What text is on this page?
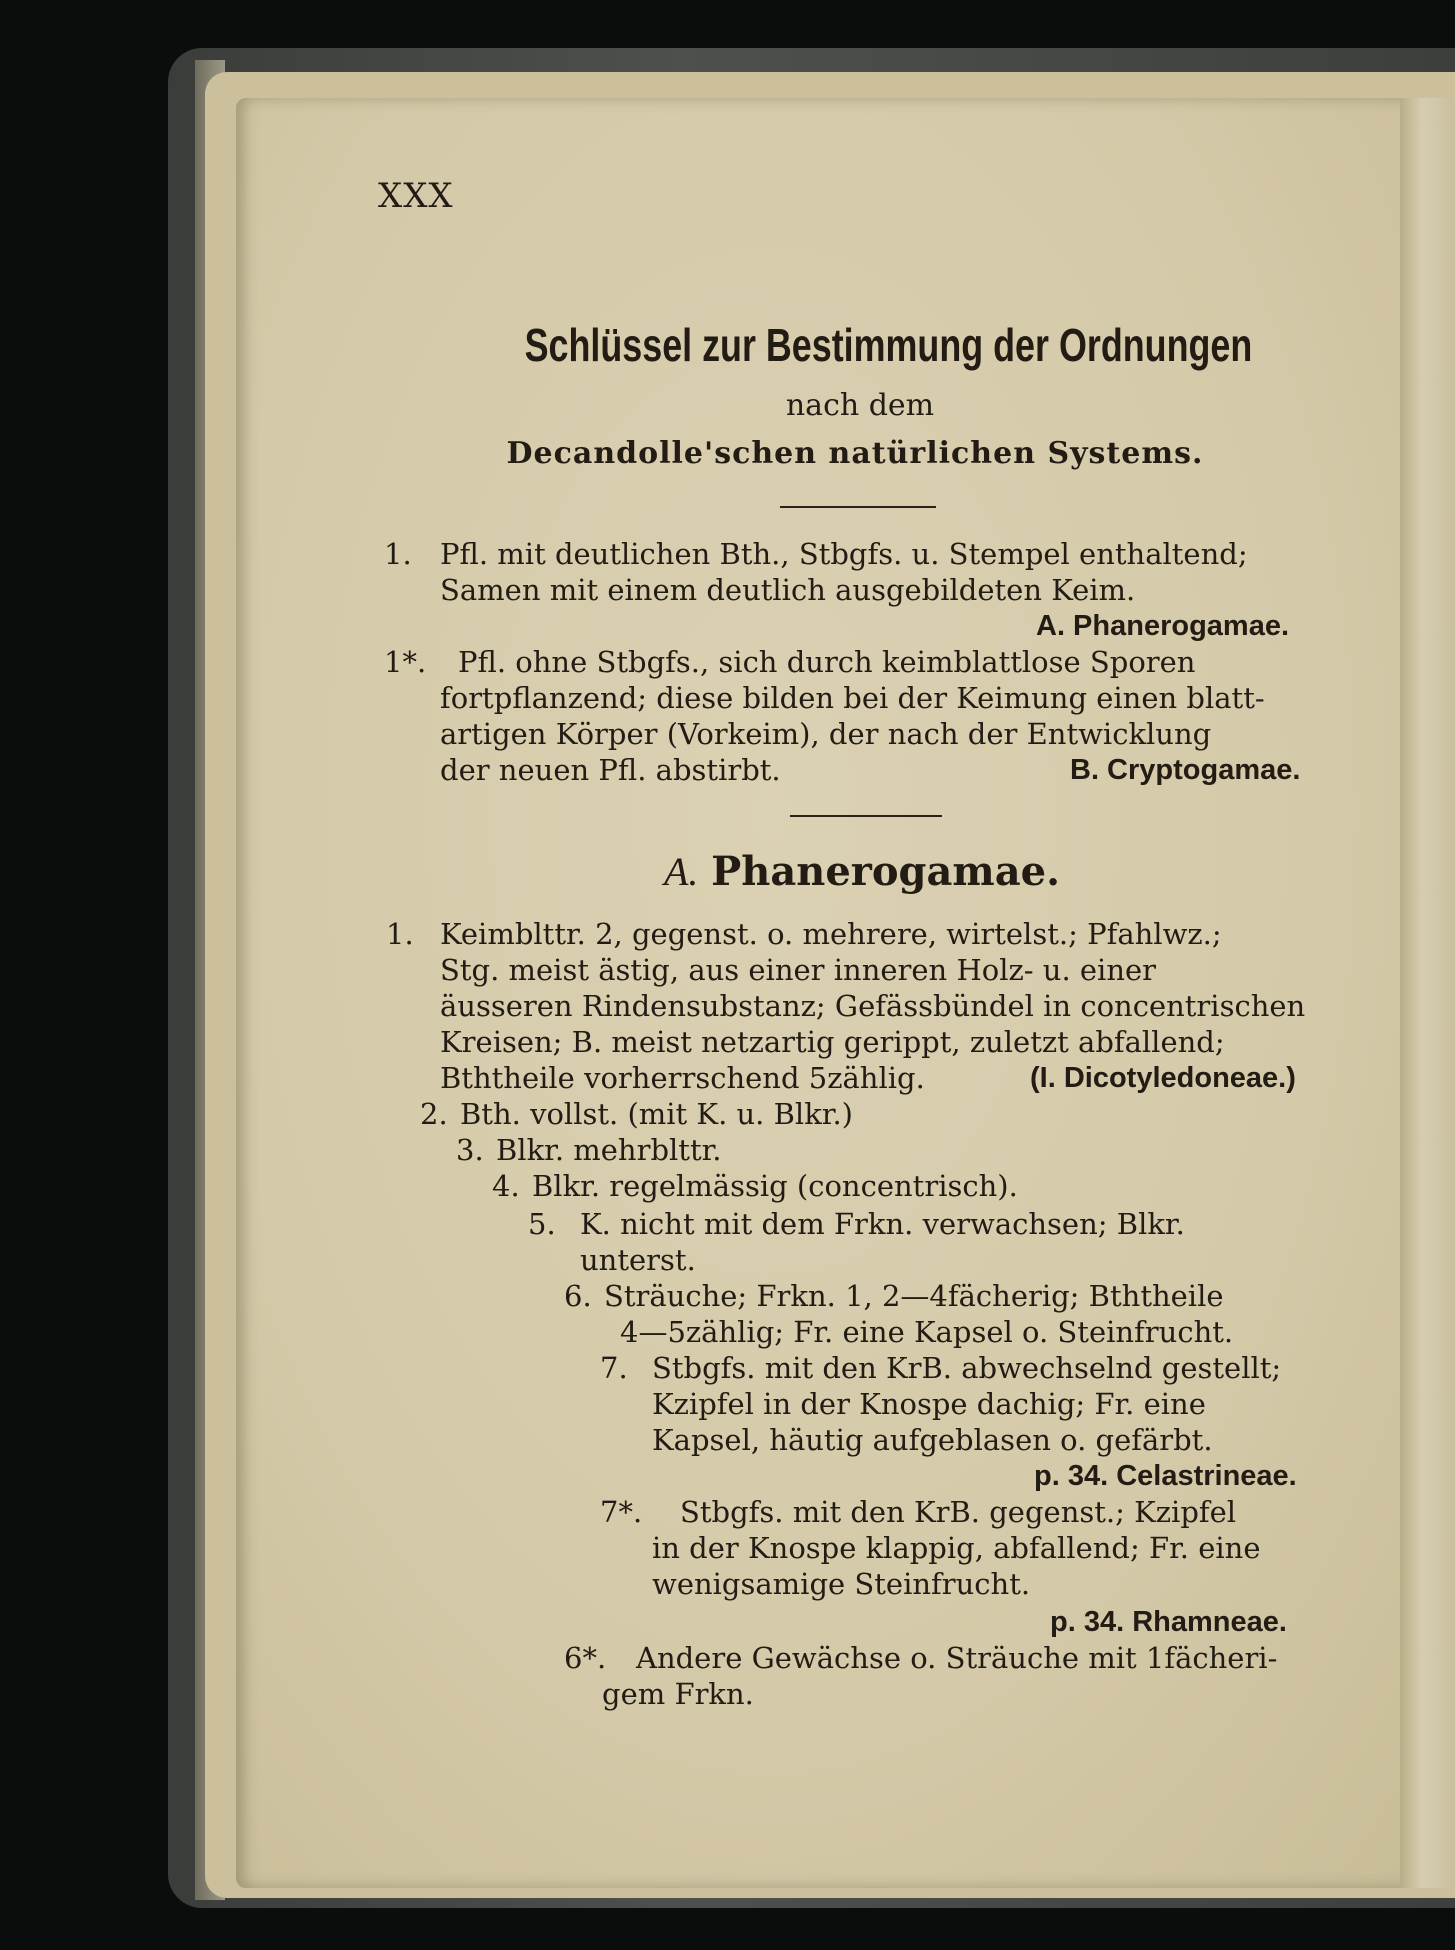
XXX
Schlüssel zur Bestimmung der Ordnungen
nach dem
Decandolle'schen natürlichen Systems.
1. Pfl. mit deutlichen Bth., Stbgfs. u. Stempel enthaltend;
Samen mit einem deutlich ausgebildeten Keim.
A. Phanerogamae.
1*. Pfl. ohne Stbgfs., sich durch keimblattlose Sporen
fortpflanzend; diese bilden bei der Keimung einen blatt-
artigen Körper (Vorkeim), der nach der Entwicklung
der neuen Pfl. abstirbt.	B. Cryptogamae.
A. Phanerogamae.
1. Keimblttr. 2, gegenst. o. mehrere, wirtelst.; Pfahlwz.;
Stg. meist ästig, aus einer inneren Holz- u. einer
äusseren Rindensubstanz; Gefässbündel in concentrischen
Kreisen; B. meist netzartig gerippt, zuletzt abfallend;
Bththeile vorherrschend 5zählig.	(I. Dicotyledoneae.)
2. Bth. vollst. (mit K. u. Blkr.)
3. Blkr. mehrblttr.
4. Blkr. regelmässig (concentrisch).
5. K. nicht mit dem Frkn. verwachsen; Blkr.
unterst.
6. Sträuche; Frkn. 1, 2—4fächerig; Bththeile
4—5zählig; Fr. eine Kapsel o. Steinfrucht.
7. Stbgfs. mit den KrB. abwechselnd gestellt;
Kzipfel in der Knospe dachig; Fr. eine
Kapsel, häutig aufgeblasen o. gefärbt.
p. 34. Celastrineae.
7*. Stbgfs. mit den KrB. gegenst.; Kzipfel
in der Knospe klappig, abfallend; Fr. eine
wenigsamige Steinfrucht.
p. 34. Rhamneae.
6*. Andere Gewächse o. Sträuche mit 1fächeri-
gem Frkn.
